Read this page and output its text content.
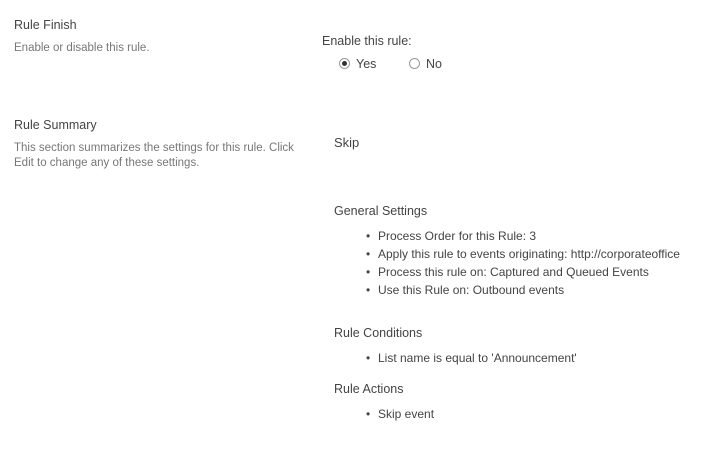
Rule Finish
Enable or disable this rule.
Rule Summary
This section summarizes the settings for this rule. Click Edit to change any of these settings.
Enable this rule:
Yes	No
Skip
General Settings
• Process Order for this Rule: 3
• Apply this rule to events originating: http://corporateoffice
• Process this rule on: Captured and Queued Events
• Use this Rule on: Outbound events
Rule Conditions
• List name is equal to 'Announcement'
Rule Actions
• Skip event
